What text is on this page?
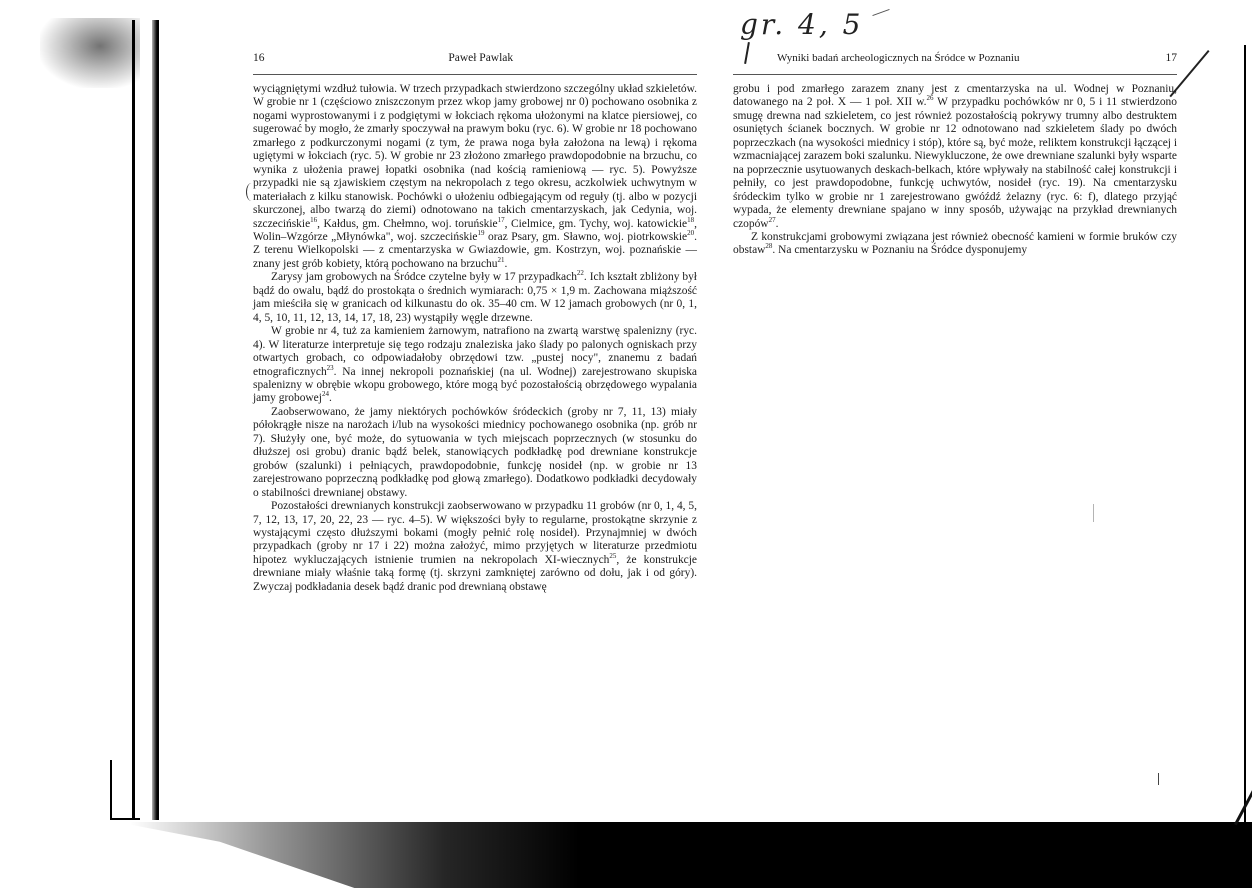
gr. 4, 5
16	Paweł Pawlak

wyciągniętymi wzdłuż tułowia. W trzech przypadkach stwierdzono szczególny układ szkieletów. W grobie nr 1 (częściowo zniszczonym przez wkop jamy grobowej nr 0) pochowano osobnika z nogami wyprostowanymi i z podgiętymi w łokciach rękoma ułożonymi na klatce piersiowej, co sugerować by mogło, że zmarły spoczywał na prawym boku (ryc. 6). W grobie nr 18 pochowano zmarłego z podkurczonymi nogami (z tym, że prawa noga była założona na lewą) i rękoma ugiętymi w łokciach (ryc. 5). W grobie nr 23 złożono zmarłego prawdopodobnie na brzuchu, co wynika z ułożenia prawej łopatki osobnika (nad kością ramieniową — ryc. 5). Powyższe przypadki nie są zjawiskiem częstym na nekropolach z tego okresu, aczkolwiek uchwytnym w materiałach z kilku stanowisk. Pochówki o ułożeniu odbiegającym od reguły (tj. albo w pozycji skurczonej, albo twarzą do ziemi) odnotowano na takich cmentarzyskach, jak Cedynia, woj. szczecińskie$^{16}$, Kałdus, gm. Chełmno, woj. toruńskie$^{17}$, Cielmice, gm. Tychy, woj. katowickie$^{18}$, Wolin–Wzgórze „Młynówka", woj. szczecińskie$^{19}$ oraz Psary, gm. Sławno, woj. piotrkowskie$^{20}$. Z terenu Wielkopolski — z cmentarzyska w Gwiazdowie, gm. Kostrzyn, woj. poznańskie — znany jest grób kobiety, którą pochowano na brzuchu$^{21}$.

Zarysy jam grobowych na Śródce czytelne były w 17 przypadkach$^{22}$. Ich kształt zbliżony był bądź do owalu, bądź do prostokąta o średnich wymiarach: 0,75 × 1,9 m. Zachowana miąższość jam mieściła się w granicach od kilkunastu do ok. 35–40 cm. W 12 jamach grobowych (nr 0, 1, 4, 5, 10, 11, 12, 13, 14, 17, 18, 23) wystąpiły węgle drzewne.

W grobie nr 4, tuż za kamieniem żarnowym, natrafiono na zwartą warstwę spalenizny (ryc. 4). W literaturze interpretuje się tego rodzaju znaleziska jako ślady po palonych ogniskach przy otwartych grobach, co odpowiadałoby obrzędowi tzw. „pustej nocy", znanemu z badań etnograficznych$^{23}$. Na innej nekropoli poznańskiej (na ul. Wodnej) zarejestrowano skupiska spalenizny w obrębie wkopu grobowego, które mogą być pozostałością obrzędowego wypalania jamy grobowej$^{24}$.

Zaobserwowano, że jamy niektórych pochówków śródeckich (groby nr 7, 11, 13) miały półokrągłe nisze na narożach i/lub na wysokości miednicy pochowanego osobnika (np. grób nr 7). Służyły one, być może, do sytuowania w tych miejscach poprzecznych (w stosunku do dłuższej osi grobu) dranic bądź belek, stanowiących podkładkę pod drewniane konstrukcje grobów (szalunki) i pełniących, prawdopodobnie, funkcję nosideł (np. w grobie nr 13 zarejestrowano poprzeczną podkładkę pod głową zmarłego). Dodatkowo podkładki decydowały o stabilności drewnianej obstawy.

Pozostałości drewnianych konstrukcji zaobserwowano w przypadku 11 grobów (nr 0, 1, 4, 5, 7, 12, 13, 17, 20, 22, 23 — ryc. 4–5). W większości były to regularne, prostokątne skrzynie z wystającymi często dłuższymi bokami (mogły pełnić rolę nosideł). Przynajmniej w dwóch przypadkach (groby nr 17 i 22) można założyć, mimo przyjętych w literaturze przedmiotu hipotez wykluczających istnienie trumien na nekropolach XI-wiecznych$^{25}$, że konstrukcje drewniane miały właśnie taką formę (tj. skrzyni zamkniętej zarówno od dołu, jak i od góry). Zwyczaj podkładania desek bądź dranic pod drewnianą obstawę

Wyniki badań archeologicznych na Śródce w Poznaniu	17

grobu i pod zmarłego zarazem znany jest z cmentarzyska na ul. Wodnej w Poznaniu, datowanego na 2 poł. X — 1 poł. XII w.$^{26}$ W przypadku pochówków nr 0, 5 i 11 stwierdzono smugę drewna nad szkieletem, co jest również pozostałością pokrywy trumny albo destruktem osuniętych ścianek bocznych. W grobie nr 12 odnotowano nad szkieletem ślady po dwóch poprzeczkach (na wysokości miednicy i stóp), które są, być może, reliktem konstrukcji łączącej i wzmacniającej zarazem boki szalunku. Niewykluczone, że owe drewniane szalunki były wsparte na poprzecznie usytuowanych deskach-belkach, które wpływały na stabilność całej konstrukcji i pełniły, co jest prawdopodobne, funkcję uchwytów, nosideł (ryc. 19). Na cmentarzysku śródeckim tylko w grobie nr 1 zarejestrowano gwóźdź żelazny (ryc. 6: f), dlatego przyjąć wypada, że elementy drewniane spajano w inny sposób, używając na przykład drewnianych czopów$^{27}$.

Z konstrukcjami grobowymi związana jest również obecność kamieni w formie bruków czy obstaw$^{28}$. Na cmentarzysku w Poznaniu na Śródce dysponujemy
